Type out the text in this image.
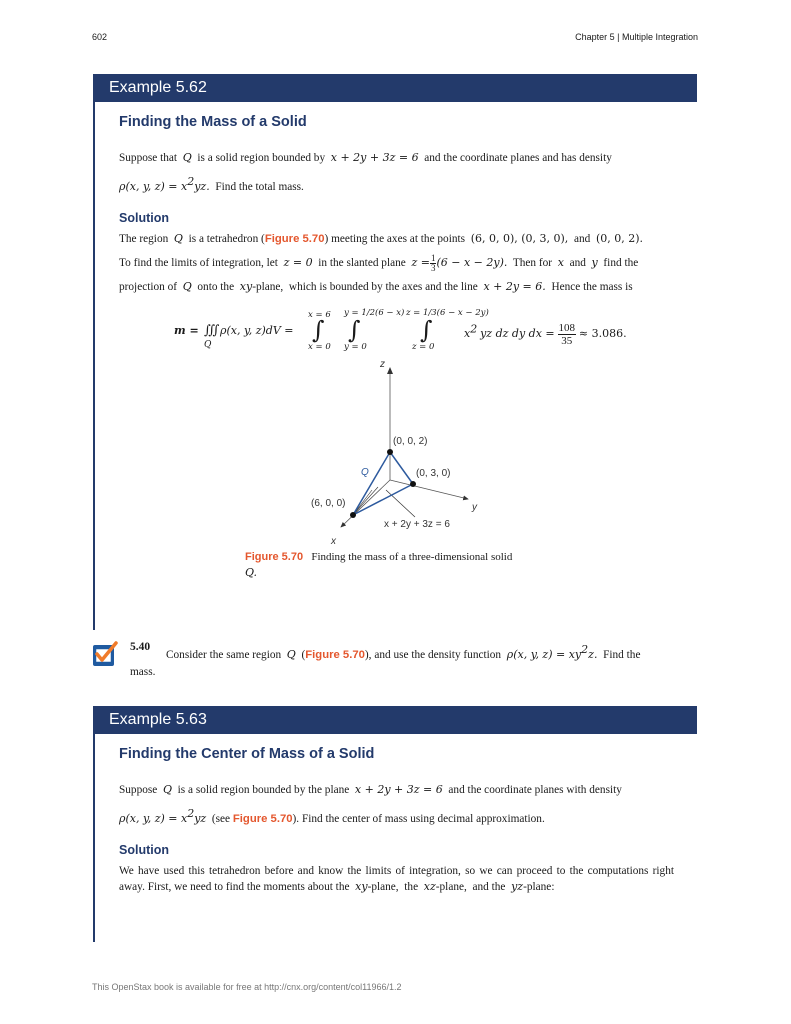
602	Chapter 5 | Multiple Integration
Example 5.62
Finding the Mass of a Solid
Suppose that Q is a solid region bounded by x + 2y + 3z = 6 and the coordinate planes and has density
ρ(x, y, $z) = x^2yz$. Find the total mass.
Solution
The region Q is a tetrahedron (Figure 5.70) meeting the axes at the points (6, 0, 0), (0, 3, 0), and (0, 0, 2).
To find the limits of integration, let z = 0 in the slanted plane $z = \frac{1}{3} (6 - x - 2y)$. Then for x and y find the
projection of Q onto the xy-plane, which is bounded by the axes and the line x + 2y = 6. Hence the mass is
m = ∭
Q
ρ(x, y, z)dV =
x = 6
∫
x = 0
y = 1/2(6 − x)
∫
y = 0
z = 1/3(6 − x − 2y)
∫
z = 0
$x^2$ yz dz dy dx = $\frac{108}{35} \approx 3.086$.
z
y
x
(0, 0, 2)
(0, 3, 0)
(6, 0, 0)
Q
x + 2y + 3z = 6
Figure 5.70 Finding the mass of a three-dimensional solid
Q.
5.40
Consider the same region Q  (Figure 5.70), and use the density function ρ(x, y, $z) = xy^2z$. Find the
mass.
Example 5.63
Finding the Center of Mass of a Solid
Suppose Q is a solid region bounded by the plane x + 2y + 3z = 6 and the coordinate planes with density
ρ(x, y, $z) = x^2yz$ (see Figure 5.70). Find the center of mass using decimal approximation.
Solution
We have used this tetrahedron before and know the limits of integration, so we can proceed to the computations right away. First, we need to find the moments about the xy-plane, the xz-plane, and the yz-plane:
This OpenStax book is available for free at http://cnx.org/content/col11966/1.2
